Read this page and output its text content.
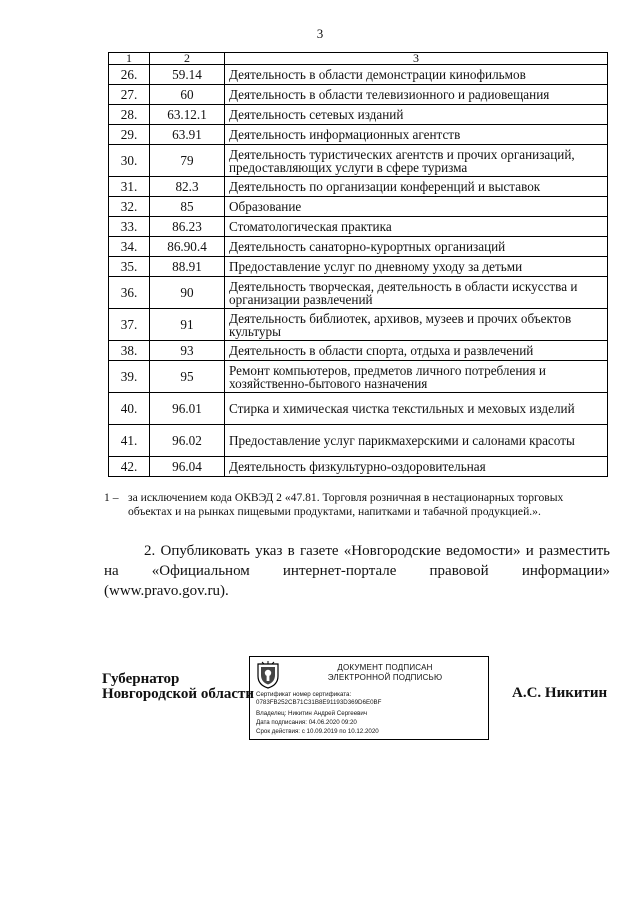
3
1	2	3
26.	59.14	Деятельность в области демонстрации кинофильмов
27.	60	Деятельность в области телевизионного и радиовещания
28.	63.12.1	Деятельность сетевых изданий
29.	63.91	Деятельность информационных агентств
30.	79	Деятельность туристических агентств и прочих организаций, предоставляющих услуги в сфере туризма
31.	82.3	Деятельность по организации конференций и выставок
32.	85	Образование
33.	86.23	Стоматологическая практика
34.	86.90.4	Деятельность санаторно-курортных организаций
35.	88.91	Предоставление услуг по дневному уходу за детьми
36.	90	Деятельность творческая, деятельность в области искусства и организации развлечений
37.	91	Деятельность библиотек, архивов, музеев и прочих объектов культуры
38.	93	Деятельность в области спорта, отдыха и развлечений
39.	95	Ремонт компьютеров, предметов личного потребления и хозяйственно-бытового назначения
40.	96.01	Стирка и химическая чистка текстильных и меховых изделий
41.	96.02	Предоставление услуг парикмахерскими и салонами красоты
42.	96.04	Деятельность физкультурно-оздоровительная
1 – за исключением кода ОКВЭД 2 «47.81. Торговля розничная в нестационарных торговых объектах и на рынках пищевыми продуктами, напитками и табачной продукцией.».
2. Опубликовать указ в газете «Новгородские ведомости» и разместить на «Официальном интернет-портале правовой информации» (www.pravo.gov.ru).
Губернатор
Новгородской области
ДОКУМЕНТ ПОДПИСАН
ЭЛЕКТРОННОЙ ПОДПИСЬЮ
Сертификат номер сертификата:
0783FB252CB71C31B8E91193D369D6E0BF
Владелец: Никитин Андрей Сергеевич
Дата подписания: 04.06.2020 09:20
Срок действия: с 10.09.2019 по 10.12.2020
А.С. Никитин
